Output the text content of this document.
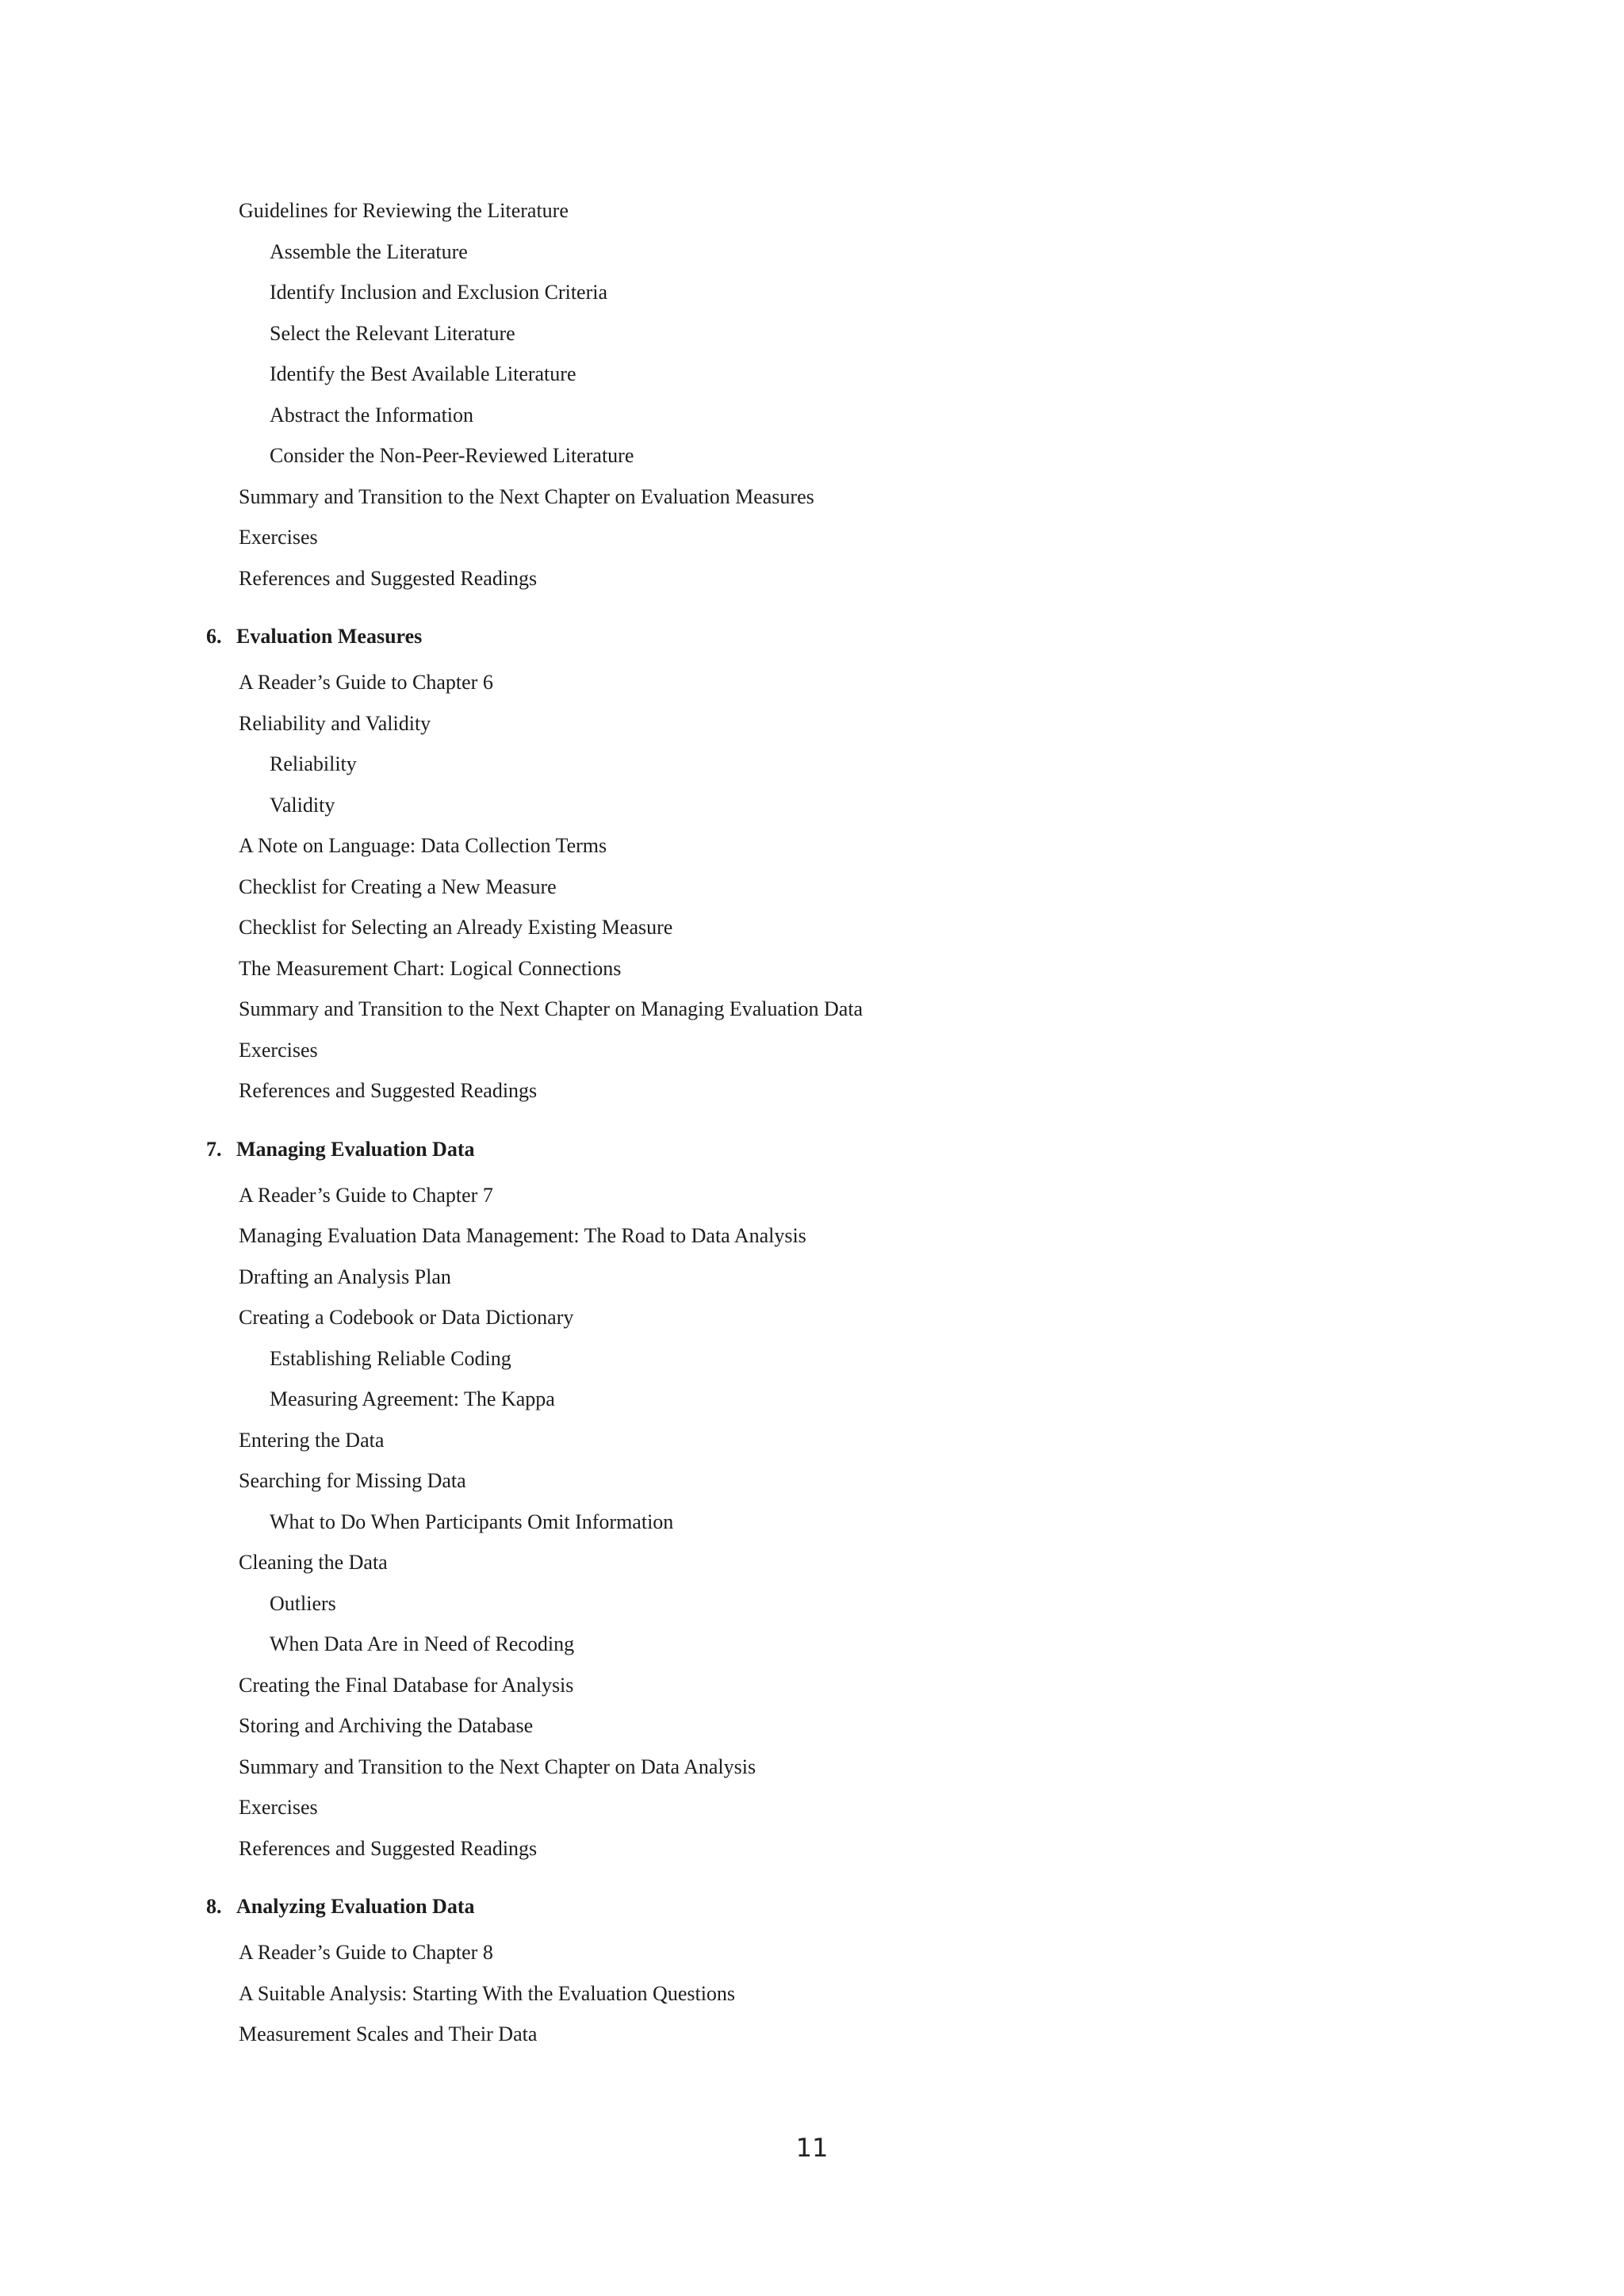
Guidelines for Reviewing the Literature
Assemble the Literature
Identify Inclusion and Exclusion Criteria
Select the Relevant Literature
Identify the Best Available Literature
Abstract the Information
Consider the Non-Peer-Reviewed Literature
Summary and Transition to the Next Chapter on Evaluation Measures
Exercises
References and Suggested Readings
6. Evaluation Measures
A Reader’s Guide to Chapter 6
Reliability and Validity
Reliability
Validity
A Note on Language: Data Collection Terms
Checklist for Creating a New Measure
Checklist for Selecting an Already Existing Measure
The Measurement Chart: Logical Connections
Summary and Transition to the Next Chapter on Managing Evaluation Data
Exercises
References and Suggested Readings
7. Managing Evaluation Data
A Reader’s Guide to Chapter 7
Managing Evaluation Data Management: The Road to Data Analysis
Drafting an Analysis Plan
Creating a Codebook or Data Dictionary
Establishing Reliable Coding
Measuring Agreement: The Kappa
Entering the Data
Searching for Missing Data
What to Do When Participants Omit Information
Cleaning the Data
Outliers
When Data Are in Need of Recoding
Creating the Final Database for Analysis
Storing and Archiving the Database
Summary and Transition to the Next Chapter on Data Analysis
Exercises
References and Suggested Readings
8. Analyzing Evaluation Data
A Reader’s Guide to Chapter 8
A Suitable Analysis: Starting With the Evaluation Questions
Measurement Scales and Their Data
11
